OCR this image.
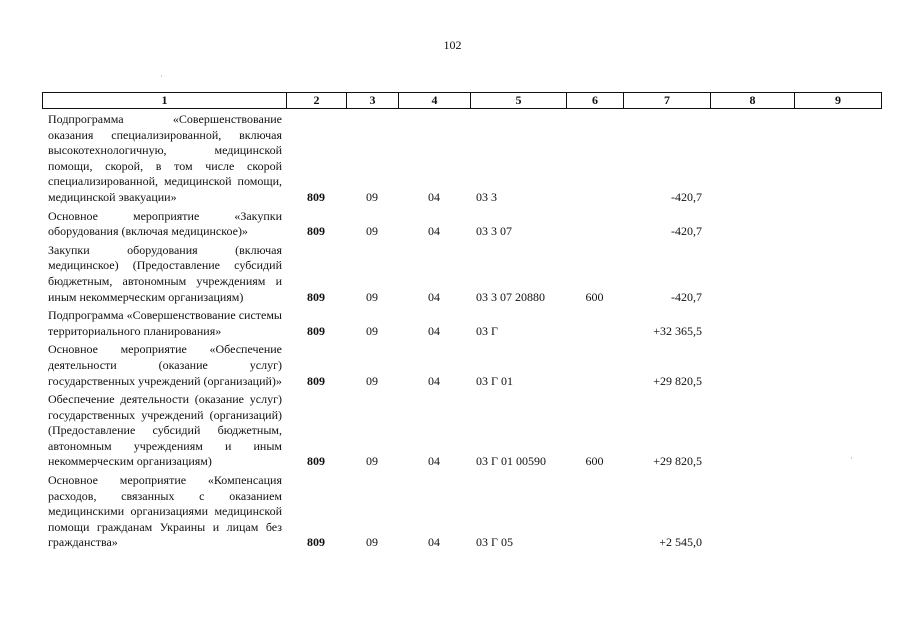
102
1	2	3	4	5	6	7	8	9
Подпрограмма «Совершенствование оказания специализированной, включая высокотехнологичную, медицинской помощи, скорой, в том числе скорой специализированной, медицинской помощи, медицинской эвакуации»	809	09	04	03 3		-420,7		
Основное мероприятие «Закупки оборудования (включая медицинское)»	809	09	04	03 3 07		-420,7		
Закупки оборудования (включая медицинское) (Предоставление субсидий бюджетным, автономным учреждениям и иным некоммерческим организациям)	809	09	04	03 3 07 20880	600	-420,7		
Подпрограмма «Совершенствование системы территориального планирования»	809	09	04	03 Г		+32 365,5		
Основное мероприятие «Обеспечение деятельности (оказание услуг) государственных учреждений (организаций)»	809	09	04	03 Г 01		+29 820,5		
Обеспечение деятельности (оказание услуг) государственных учреждений (организаций) (Предоставление субсидий бюджетным, автономным учреждениям и иным некоммерческим организациям)	809	09	04	03 Г 01 00590	600	+29 820,5		
Основное мероприятие «Компенсация расходов, связанных с оказанием медицинскими организациями медицинской помощи гражданам Украины и лицам без гражданства»	809	09	04	03 Г 05		+2 545,0		
·
·
